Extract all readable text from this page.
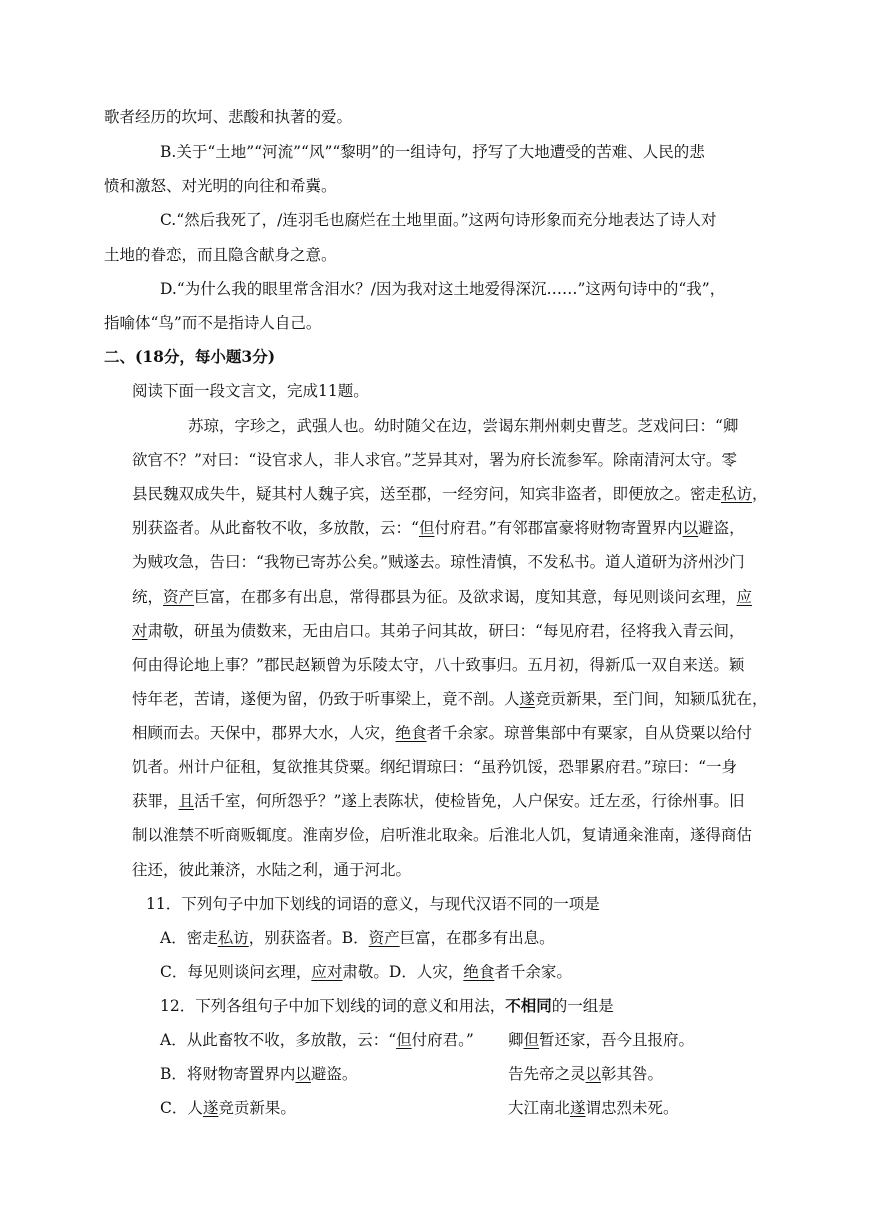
歌者经历的坎坷、悲酸和执著的爱。
B.关于“土地”“河流”“风”“黎明”的一组诗句，抒写了大地遭受的苦难、人民的悲
愤和激怒、对光明的向往和希冀。
C.“然后我死了，/连羽毛也腐烂在土地里面。”这两句诗形象而充分地表达了诗人对
土地的眷恋，而且隐含献身之意。
D.“为什么我的眼里常含泪水？/因为我对这土地爱得深沉……”这两句诗中的“我”，
指喻体“鸟”而不是指诗人自己。
二、(18分，每小题3分)
阅读下面一段文言文，完成11题。
苏琼，字珍之，武强人也。幼时随父在边，尝谒东荆州刺史曹芝。芝戏问曰：“卿
欲官不？”对曰：“设官求人，非人求官。”芝异其对，署为府长流参军。除南清河太守。零
县民魏双成失牛，疑其村人魏子宾，送至郡，一经穷问，知宾非盗者，即便放之。密走私访，
别获盗者。从此畜牧不收，多放散，云：“但付府君。”有邻郡富豪将财物寄置界内以避盗，
为贼攻急，告曰：“我物已寄苏公矣。”贼遂去。琼性清慎，不发私书。道人道研为济州沙门
统，资产巨富，在郡多有出息，常得郡县为征。及欲求谒，度知其意，每见则谈问玄理，应
对肃敬，研虽为债数来，无由启口。其弟子问其故，研曰：“每见府君，径将我入青云间，
何由得论地上事？”郡民赵颖曾为乐陵太守，八十致事归。五月初，得新瓜一双自来送。颖
恃年老，苦请，遂便为留，仍致于听事梁上，竟不剖。人遂竞贡新果，至门间，知颍瓜犹在，
相顾而去。天保中，郡界大水，人灾，绝食者千余家。琼普集部中有粟家，自从贷粟以给付
饥者。州计户征租，复欲推其贷粟。纲纪谓琼曰：“虽矜饥馁，恐罪累府君。”琼曰：“一身
获罪，且活千室，何所怨乎？”遂上表陈状，使检皆免，人户保安。迁左丞，行徐州事。旧
制以淮禁不听商贩辄度。淮南岁俭，启听淮北取籴。后淮北人饥，复请通籴淮南，遂得商估
往还，彼此兼济，水陆之利，通于河北。
11．下列句子中加下划线的词语的意义，与现代汉语不同的一项是
A．密走私访，别获盗者。B．资产巨富，在郡多有出息。
C．每见则谈问玄理，应对肃敬。D．人灾，绝食者千余家。
12．下列各组句子中加下划线的词的意义和用法，不相同的一组是
A．从此畜牧不收，多放散，云：“但付府君。”
B．将财物寄置界内以避盗。
C．人遂竞贡新果。
卿但暂还家，吾今且报府。
告先帝之灵以彰其咎。
大江南北遂谓忠烈未死。
